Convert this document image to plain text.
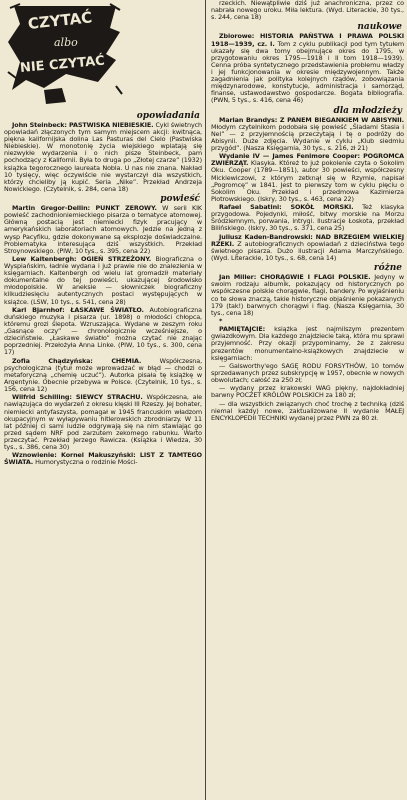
CZYTAĆ
albo
NIE CZYTAĆ
opowiadania

John Steinbeck: PASTWISKA NIEBIESKIE. Cykl świetnych opowiadań złączonych tym samym miejscem akcji: kwitnąca, piękna kalifornijska dolina Las Pasturas del Cielo (Pastwiska Niebieskie). W monotonię życia wiejskiego wplatają się niezwykłe wydarzenia i o nich pisze Steinbeck, pam pochodzący z Kalifornii. Była to druga po „Złotej czarze” (1932) książka tegorocznego laureata Nobla. U nas nie znana. Nakład 10 tysięcy, więc oczywiście nie wystarczył dla wszystkich, którzy chcieliby ją kupić. Seria „Nike”. Przekład Andrzeja Nowickiego. (Czytelnik, s. 284, cena 18)

powieść

Martin Gregor-Dellin: PUNKT ZEROWY. W serii KIK powieść zachodnioniemieckiego pisarza o tematyce atomowej. Główną postacią jest niemiecki fizyk pracujący w amerykańskich laboratoriach atomowych. Jedzie na jedną z wysp Pacyfiku, gdzie dokonywane są eksplozje doświadczalne. Problematyka interesująca dziś wszystkich. Przekład Stroynowskiego. (PIW, 10 tys., s. 395, cena 22)

Lew Kaltenbergh: OGIEŃ STRZEŻONY. Biograficzna o Wyspiańskim, ładnie wydana i już prawie nie do znalezienia w księgarniach. Kaltenbergh od wielu lat gromadził materiały dokumentalne do tej powieści, ukazującej środowisko młodopolskie. W aneksie — słowniczek biograficzny kilkudziesięciu autentycznych postaci występujących w książce. (LSW, 10 tys., s. 541, cena 28)

Karl Bjarnhof: ŁASKAWE ŚWIATŁO. Autobiograficzna duńskiego muzyka i pisarza (ur. 1898) o młodości chłopca, któremu grozi ślepota. Wzruszająca. Wydane w zeszym roku „Gasnące oczy” — chronologicznie wcześniejsze, o dzieciństwie. „Łaskawe światło” można czytać nie znając poprzedniej. Przełożyła Anna Linke. (PIW, 10 tys., s. 300, cena 17)

Zofia Chądzyńska: CHEMIA. Współczesna, psychologiczna (tytuł może wprowadzać w błąd — chodzi o metaforyczną „chemię uczuć”). Autorka pisała tę książkę w Argentynie. Obecnie przebywa w Polsce. (Czytelnik, 10 tys., s. 156, cena 12)

Wilfrid Schilling: SIEWCY STRACHU. Współczesna, ale nawiązująca do wydarzeń z okresu klęski III Rzeszy. Jej bohater, niemiecki antyfaszysta, pomagał w 1945 francuskim władzom okupacyjnym w wyłapywaniu hitlerowskich zbrodniarzy. W 11 lat później ci sami ludzie odgrywają się na nim stawiając go przed sądem NRF pod zarzutem zekomego rabunku. Warto przeczytać. Przekład Jerzego Rawicza. (Książka i Wiedza, 30 tys., s. 386, cena 30)

Wznowienie: Kornel Makuszyński: LIST Z TAMTEGO ŚWIATA. Humorystyczna o rodzinie Mości-

rzeckich. Niewątpliwie dziś już anachroniczna, przez co nabrała nowego uroku. Miła lektura. (Wyd. Literackie, 30 tys., s. 244, cena 18)

naukowe

Zbiorowe: HISTORIA PAŃSTWA I PRAWA POLSKI 1918—1939, cz. I. Tom z cyklu publikacji pod tym tytułem ukazały się dwa tomy obejmujące okres do 1795, w przygotowaniu okres 1795—1918 i II tom 1918—1939). Cenna próba syntetycznego przedstawienia problemu władzy i jej funkcjonowania w okresie międzywojennym. Także zagadnienia jak polityka kolejnych rządów, zobowiązania międzynarodowe, konstytucje, administracja i samorząd, finanse, ustawodawstwo gospodarcze. Bogata bibliografia. (PWN, 5 tys., s. 416, cena 46)

dla młodzieży

Marian Brandys: Z PANEM BIEGANKIEM W ABISYNII. Młodym czytelnikom podobała się powieść „Śladami Stasia i Nel” — z przyjemnością przeczytają i tę o podróży do Abisynii. Duże zdjęcia. Wydanie w cyklu „Klub siedmiu przygód”. (Nasza Księgarnia, 30 tys., s. 216, zł 21)

Wydanie IV — James Fenimore Cooper: POGROMCA ZWIERZĄT. Klasyka. Któreż to już pokolenie czyta o Sokolim Oku. Cooper (1789—1851), autor 30 powieści, współczesny Mickiewiczowi, z którym zetknął się w Rzymie, napisał „Pogromcę” w 1841. Jest to pierwszy tom w cyklu pięciu o Sokolim Oku. Przekład i przedmowa Kazimierza Piotrowskiego. (Iskry, 30 tys., s. 463, cena 22)

Rafael Sabatini: SOKÓŁ MORSKI. Też klasyka przygodowa. Pojedynki, miłość, bitwy morskie na Morzu Śródziemnym, porwania, intrygi. Ilustracje Łoskota, przekład Bilińskiego. (Iskry, 30 tys., s. 371, cena 25)

Juliusz Kaden-Bandrowski: NAD BRZEGIEM WIELKIEJ RZEKI. Z autobiograficznych opowiadań z dzieciństwa tego świetnego pisarza. Dużo ilustracji Adama Marczyńskiego. (Wyd. Literackie, 10 tys., s. 68, cena 14)

różne

Jan Miller: CHORĄGWIE I FLAGI POLSKIE. Jedyny w swoim rodzaju albumik, pokazujący od historycznych po współczesne polskie chorągwie, flagi, bandery. Po wyjaśnieniu co te słowa znaczą, takie historyczne objaśnienie pokazanych 179 (tak!) barwnych chorągwi i flag. (Nasza Księgarnia, 30 tys., cena 18)

*

PAMIĘTAJCIE: książka jest najmilszym prezentem gwiazdkowym. Dla każdego znajdziecie taką, która mu sprawi przyjemność. Przy okazji przypominamy, że z zakresu prezentów monumentalno-książkowych znajdziecie w księgarniach:

— Galsworthy'ego SAGĘ RODU FORSYTHÓW, 10 tomów sprzedawanych przez subskrypcję w 1957, obecnie w nowych obwolutach; całość za 250 zł;

— wydany przez krakowski WAG piękny, najdokładniej barwny POCZET KRÓLÓW POLSKICH za 180 zł;

— dla wszystkich związanych choć trochę z techniką (dziś niemal każdy) nowe, zaktualizowane II wydanie MAŁEJ ENCYKLOPEDII TECHNIKI wydanej przez PWN za 80 zł.
